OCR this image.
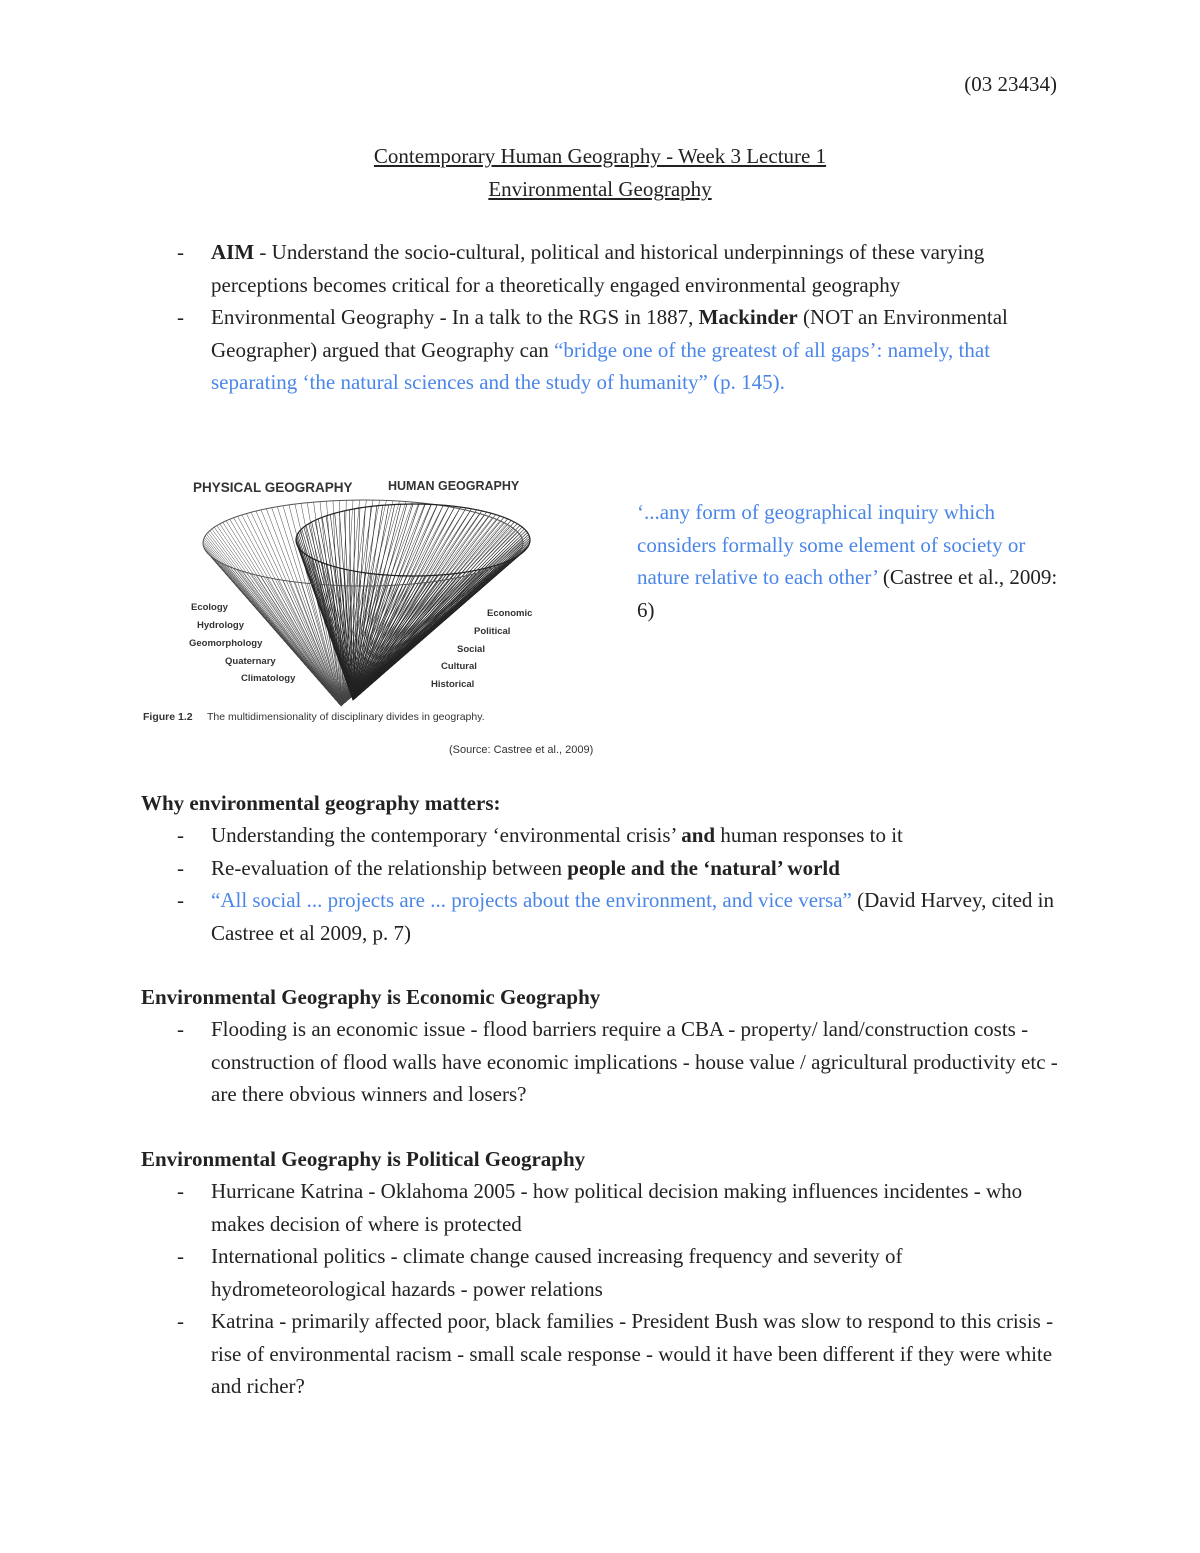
(03 23434)
Contemporary Human Geography - Week 3 Lecture 1
Environmental Geography
- AIM - Understand the socio-cultural, political and historical underpinnings of these varying perceptions becomes critical for a theoretically engaged environmental geography
- Environmental Geography - In a talk to the RGS in 1887, Mackinder (NOT an Environmental Geographer) argued that Geography can “bridge one of the greatest of all gaps’: namely, that separating ‘the natural sciences and the study of humanity” (p. 145).
PHYSICAL GEOGRAPHY	HUMAN GEOGRAPHY
Ecology
Hydrology
Geomorphology
Quaternary
Climatology
Economic
Political
Social
Cultural
Historical
Figure 1.2 The multidimensionality of disciplinary divides in geography.
(Source: Castree et al., 2009)
‘...any form of geographical inquiry which considers formally some element of society or nature relative to each other’ (Castree et al., 2009: 6)
Why environmental geography matters:
- Understanding the contemporary ‘environmental crisis’ and human responses to it
- Re-evaluation of the relationship between people and the ‘natural’ world
- “All social ... projects are ... projects about the environment, and vice versa” (David Harvey, cited in Castree et al 2009, p. 7)
Environmental Geography is Economic Geography
- Flooding is an economic issue - flood barriers require a CBA - property/ land/construction costs - construction of flood walls have economic implications - house value / agricultural productivity etc - are there obvious winners and losers?
Environmental Geography is Political Geography
- Hurricane Katrina - Oklahoma 2005 - how political decision making influences incidentes - who makes decision of where is protected
- International politics - climate change caused increasing frequency and severity of hydrometeorological hazards - power relations
- Katrina - primarily affected poor, black families - President Bush was slow to respond to this crisis - rise of environmental racism - small scale response - would it have been different if they were white and richer?
